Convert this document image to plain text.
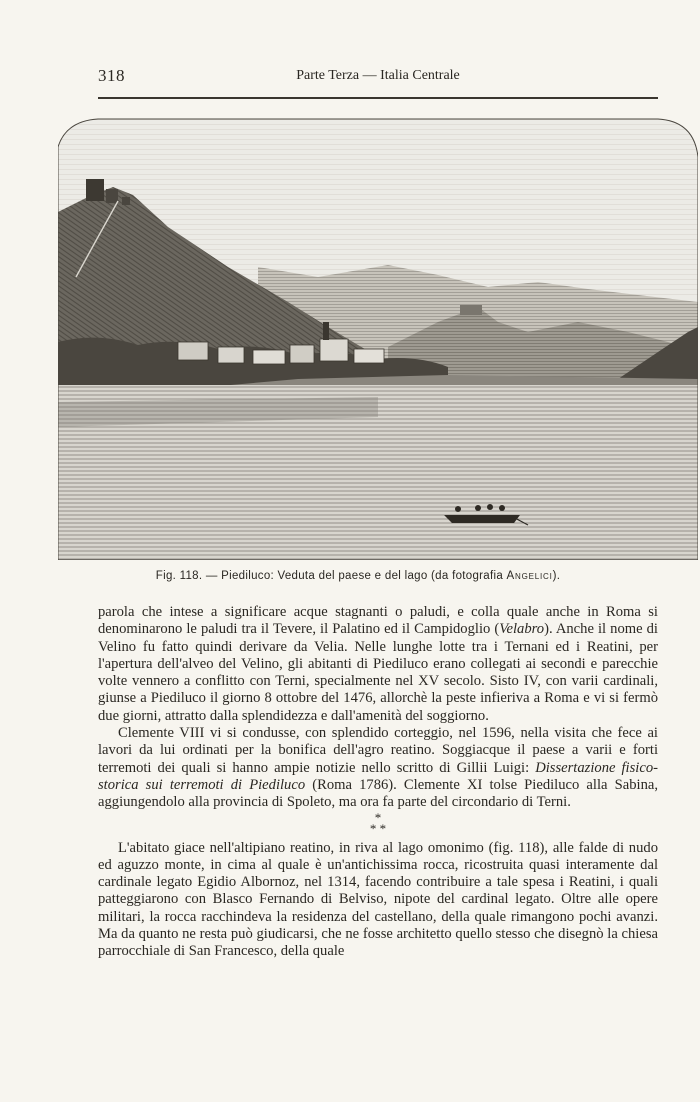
318	Parte Terza — Italia Centrale
Fig. 118. — Piediluco: Veduta del paese e del lago (da fotografia Angelici).

parola che intese a significare acque stagnanti o paludi, e colla quale anche in Roma si denominarono le paludi tra il Tevere, il Palatino ed il Campidoglio (Velabro). Anche il nome di Velino fu fatto quindi derivare da Velia. Nelle lunghe lotte tra i Ternani ed i Reatini, per l'apertura dell'alveo del Velino, gli abitanti di Piediluco erano collegati ai secondi e parecchie volte vennero a conflitto con Terni, specialmente nel XV secolo. Sisto IV, con varii cardinali, giunse a Piediluco il giorno 8 ottobre del 1476, allorchè la peste infieriva a Roma e vi si fermò due giorni, attratto dalla splendidezza e dall'amenità del soggiorno.

Clemente VIII vi si condusse, con splendido corteggio, nel 1596, nella visita che fece ai lavori da lui ordinati per la bonifica dell'agro reatino. Soggiacque il paese a varii e forti terremoti dei quali si hanno ampie notizie nello scritto di Gillii Luigi: Dissertazione fisico-storica sui terremoti di Piediluco (Roma 1786). Clemente XI tolse Piediluco alla Sabina, aggiungendolo alla provincia di Spoleto, ma ora fa parte del circondario di Terni.

*
* *

L'abitato giace nell'altipiano reatino, in riva al lago omonimo (fig. 118), alle falde di nudo ed aguzzo monte, in cima al quale è un'antichissima rocca, ricostruita quasi interamente dal cardinale legato Egidio Albornoz, nel 1314, facendo contribuire a tale spesa i Reatini, i quali patteggiarono con Blasco Fernando di Belviso, nipote del cardinal legato. Oltre alle opere militari, la rocca racchindeva la residenza del castellano, della quale rimangono pochi avanzi. Ma da quanto ne resta può giudicarsi, che ne fosse architetto quello stesso che disegnò la chiesa parrocchiale di San Francesco, della quale
